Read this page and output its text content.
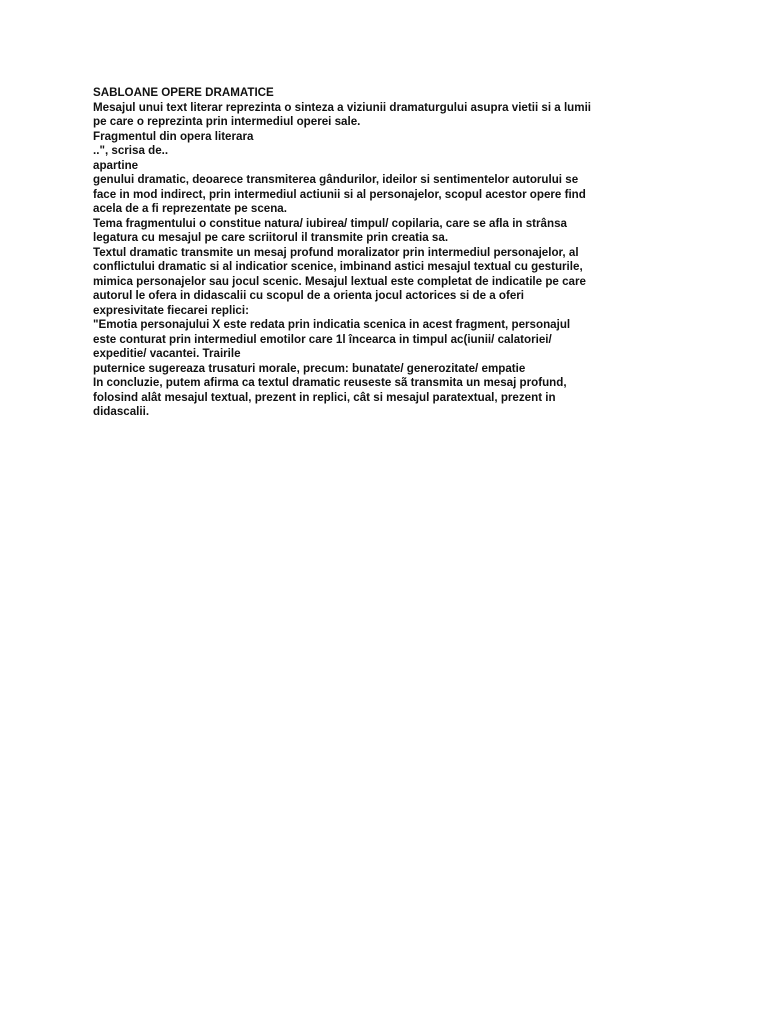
SABLOANE OPERE DRAMATICE
Mesajul unui text literar reprezinta o sinteza a viziunii dramaturgului asupra vietii si a lumii
pe care o reprezinta prin intermediul operei sale.
Fragmentul din opera literara
..", scrisa de..
apartine
genului dramatic, deoarece transmiterea gândurilor, ideilor si sentimentelor autorului se
face in mod indirect, prin intermediul actiunii si al personajelor, scopul acestor opere find
acela de a fi reprezentate pe scena.
Tema fragmentului o constitue natura/ iubirea/ timpul/ copilaria, care se afla in strânsa
legatura cu mesajul pe care scriitorul il transmite prin creatia sa.
Textul dramatic transmite un mesaj profund moralizator prin intermediul personajelor, al
conflictului dramatic si al indicatior scenice, imbinand astici mesajul textual cu gesturile,
mimica personajelor sau jocul scenic. Mesajul lextual este completat de indicatile pe care
autorul le ofera in didascalii cu scopul de a orienta jocul actorices si de a oferi
expresivitate fiecarei replici:
"Emotia personajului X este redata prin indicatia scenica in acest fragment, personajul
este conturat prin intermediul emotilor care 1l încearca in timpul ac(iunii/ calatoriei/
expeditie/ vacantei. Trairile
puternice sugereaza trusaturi morale, precum: bunatate/ generozitate/ empatie
In concluzie, putem afirma ca textul dramatic reuseste sã transmita un mesaj profund,
folosind alât mesajul textual, prezent in replici, cât si mesajul paratextual, prezent in
didascalii.
